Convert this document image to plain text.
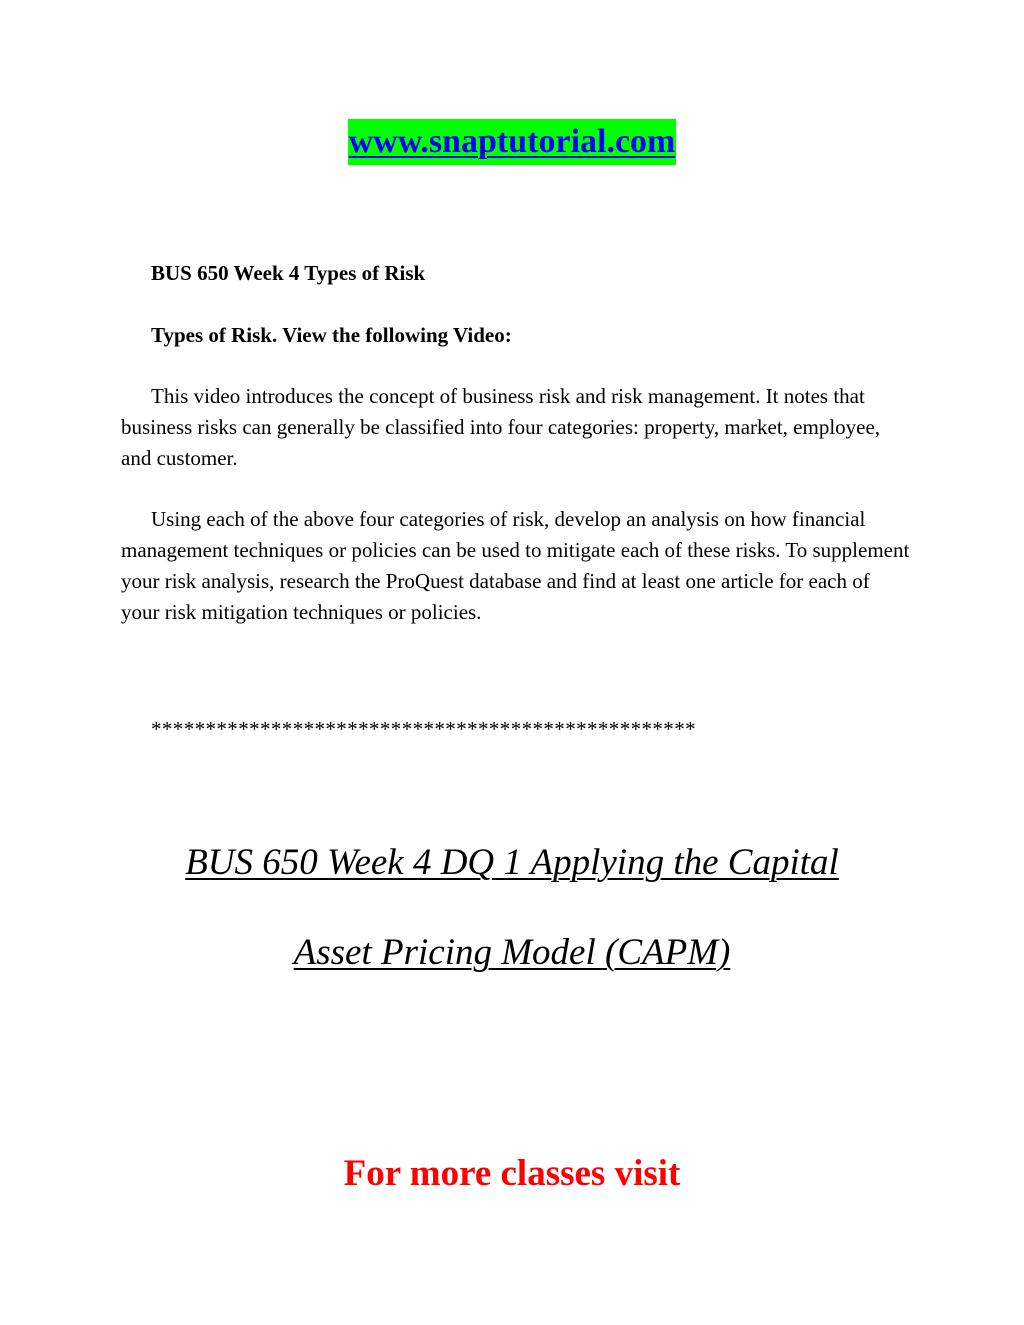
www.snaptutorial.com
BUS 650 Week 4 Types of Risk
Types of Risk. View the following Video:

This video introduces the concept of business risk and risk management. It notes that business risks can generally be classified into four categories: property, market, employee, and customer.

Using each of the above four categories of risk, develop an analysis on how financial management techniques or policies can be used to mitigate each of these risks. To supplement your risk analysis, research the ProQuest database and find at least one article for each of your risk mitigation techniques or policies.

**************************************************
BUS 650 Week 4 DQ 1 Applying the Capital
Asset Pricing Model (CAPM)
For more classes visit
